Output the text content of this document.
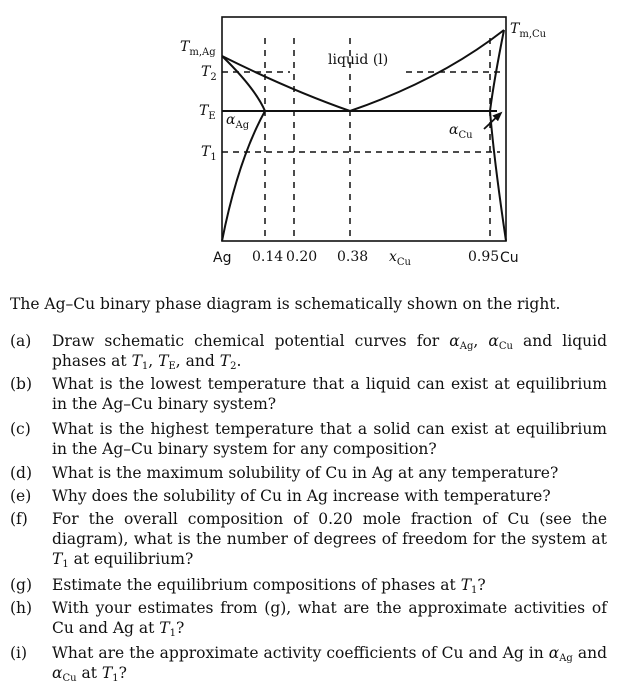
$T_{m,Ag}$
$T_2$
$T_E$
$T_1$
$T_{m,Cu}$
liquid (l)
$\alpha_{Ag}$	$\alpha_{Cu}$
Ag 0.14 0.20 0.38 $x_{Cu}$	0.95 Cu
The Ag–Cu binary phase diagram is schematically shown on the right.
(a) Draw schematic chemical potential curves for $\alpha_{Ag}$, $\alpha_{Cu}$ and liquid phases at $T_1$, $T_E$, and $T_2$.
(b) What is the lowest temperature that a liquid can exist at equilibrium in the Ag–Cu binary system?
(c) What is the highest temperature that a solid can exist at equilibrium in the Ag–Cu binary system for any composition?
(d) What is the maximum solubility of Cu in Ag at any temperature?
(e) Why does the solubility of Cu in Ag increase with temperature?
(f) For the overall composition of 0.20 mole fraction of Cu (see the diagram), what is the number of degrees of freedom for the system at $T_1$ at equilibrium?
(g) Estimate the equilibrium compositions of phases at $T_1$?
(h) With your estimates from (g), what are the approximate activities of Cu and Ag at $T_1$?
(i) What are the approximate activity coefficients of Cu and Ag in $\alpha_{Ag}$ and $\alpha_{Cu}$ at $T_1$?
